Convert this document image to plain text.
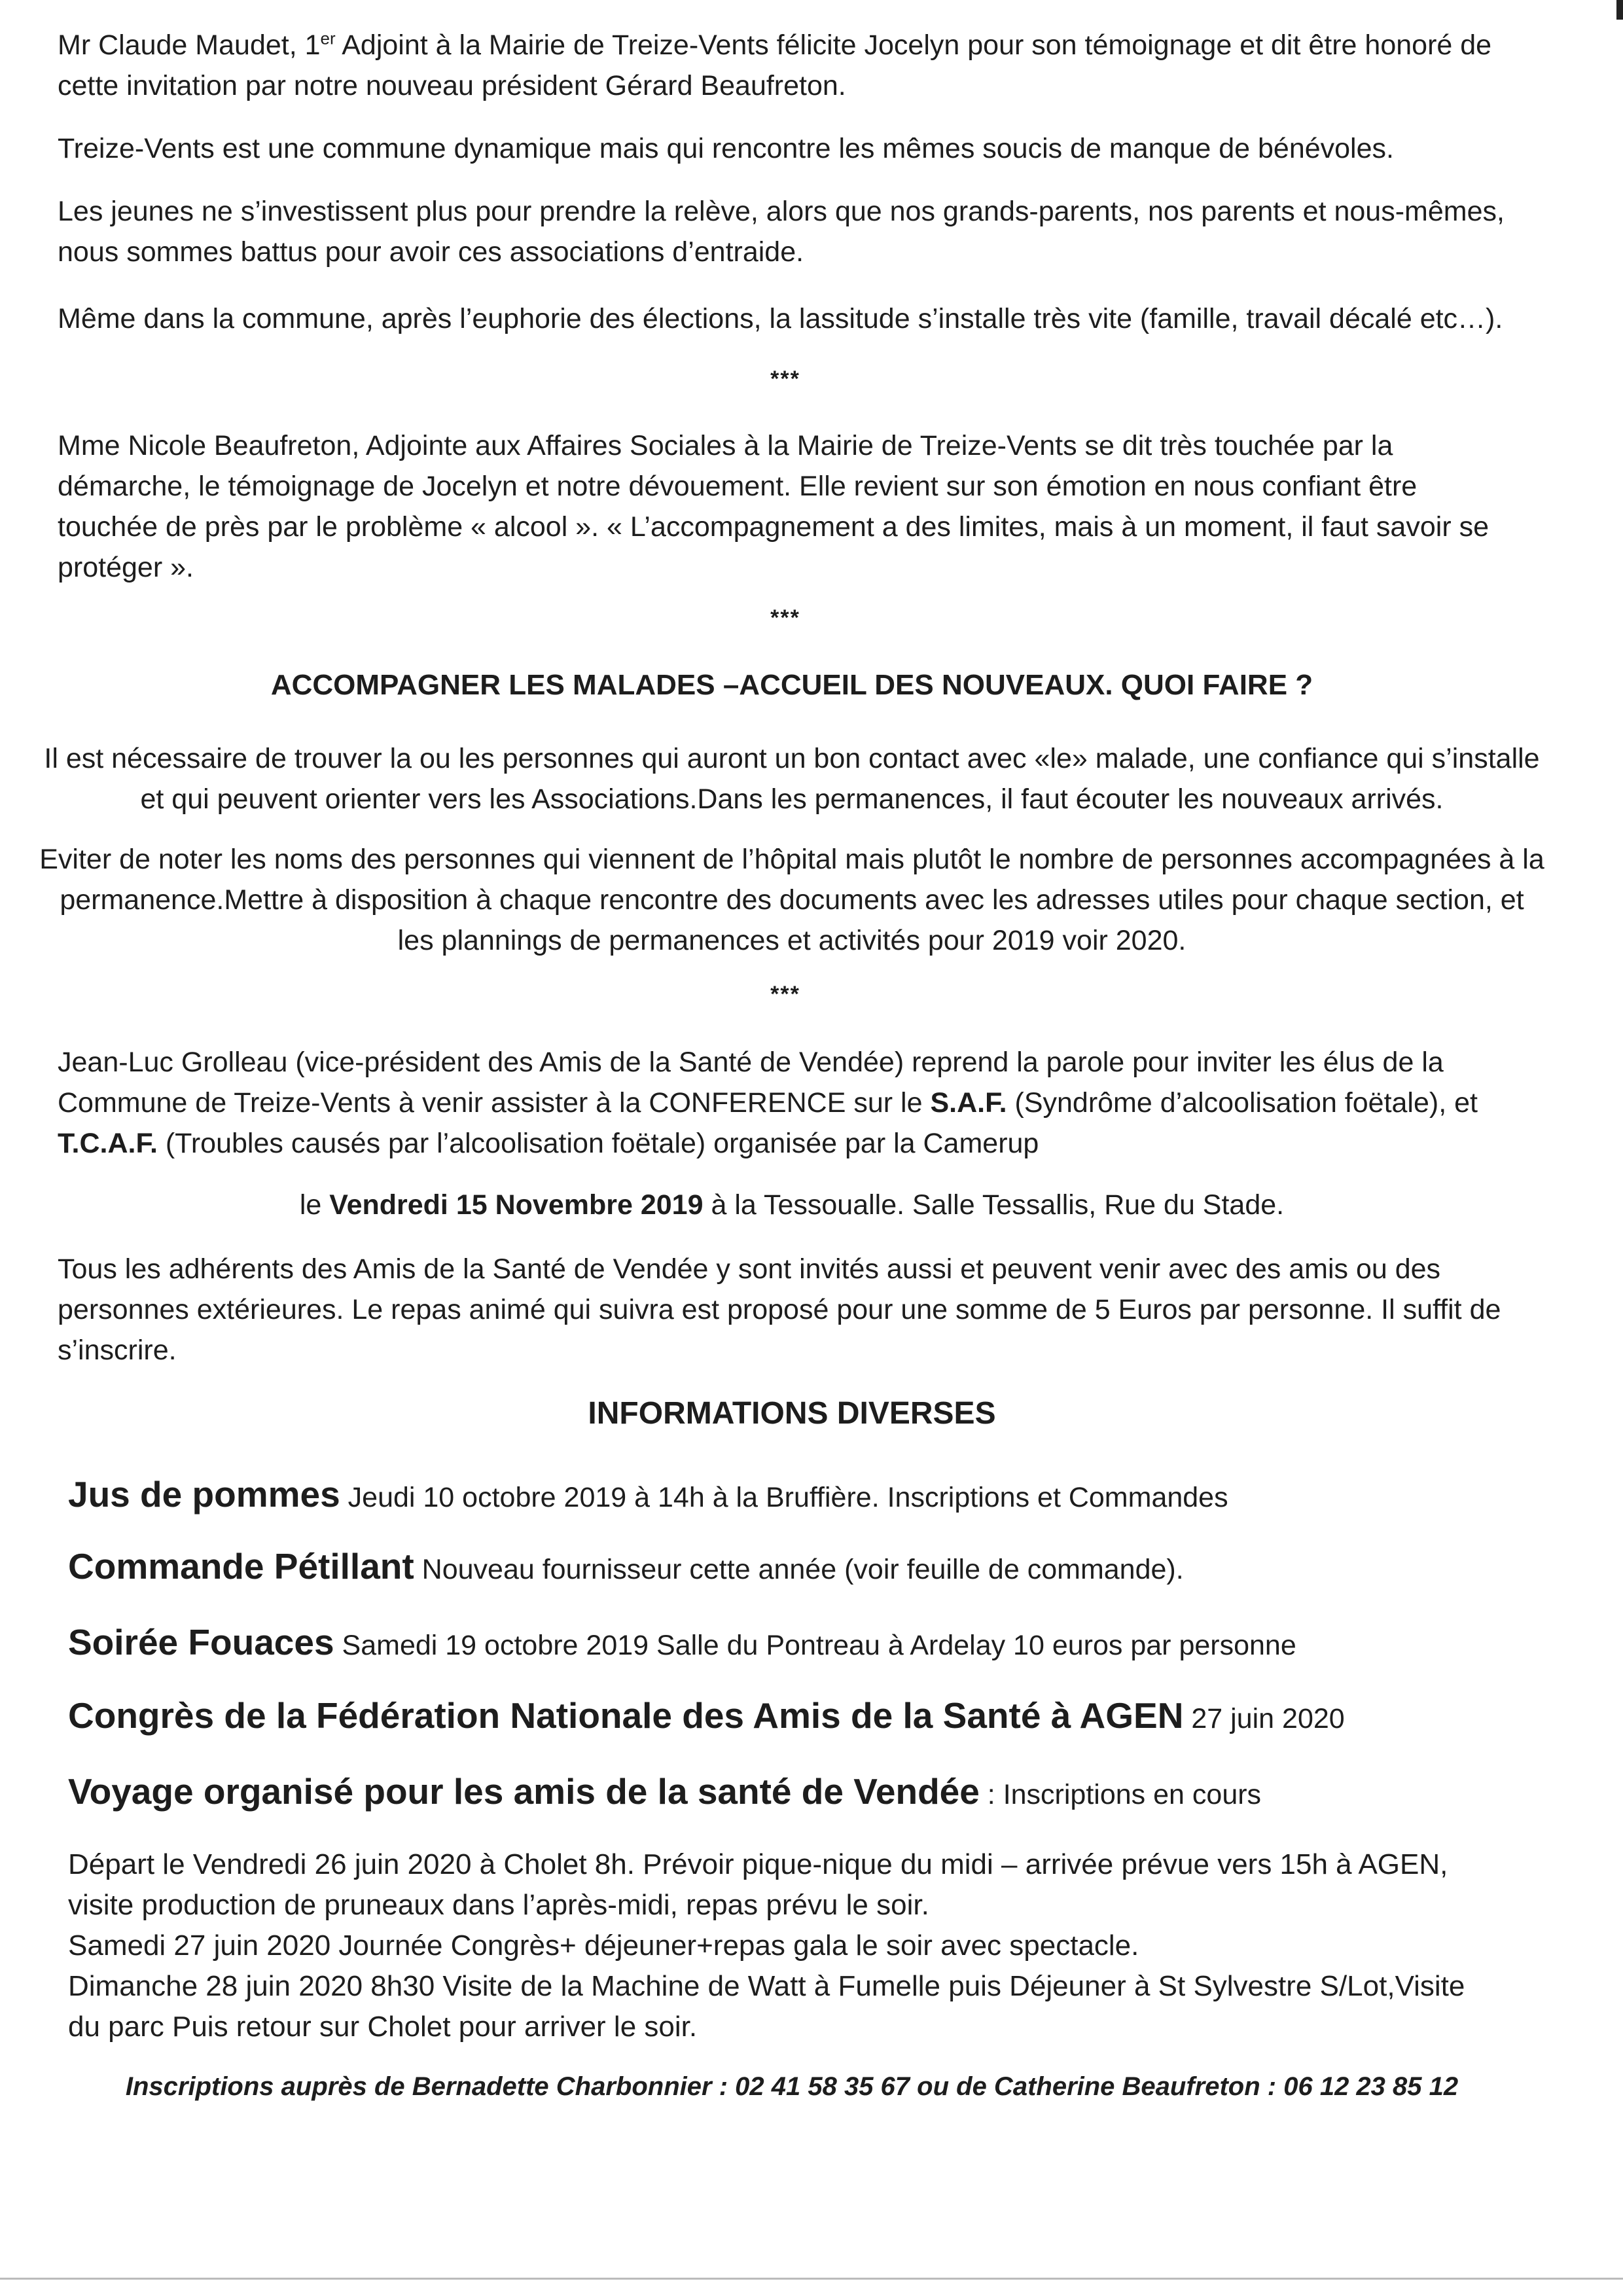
Mr Claude Maudet, 1er Adjoint à la Mairie de Treize-Vents félicite Jocelyn pour son témoignage et dit être honoré de cette invitation par notre nouveau président Gérard Beaufreton.

Treize-Vents est une commune dynamique mais qui rencontre les mêmes soucis de manque de bénévoles.

Les jeunes ne s’investissent plus pour prendre la relève, alors que nos grands-parents, nos parents et nous-mêmes, nous sommes battus pour avoir ces associations d’entraide.

Même dans la commune, après l’euphorie des élections, la lassitude s’installe très vite (famille, travail décalé etc…).

***

Mme Nicole Beaufreton, Adjointe aux Affaires Sociales à la Mairie de Treize-Vents se dit très touchée par la démarche, le témoignage de Jocelyn et notre dévouement. Elle revient sur son émotion en nous confiant être touchée de près par le problème « alcool ». « L’accompagnement a des limites, mais à un moment, il faut savoir se protéger ».

***
ACCOMPAGNER LES MALADES –ACCUEIL DES NOUVEAUX. QUOI FAIRE ?

Il est nécessaire de trouver la ou les personnes qui auront un bon contact avec «le» malade, une confiance qui s’installe et qui peuvent orienter vers les Associations.Dans les permanences, il faut écouter les nouveaux arrivés.

Eviter de noter les noms des personnes qui viennent de l’hôpital mais plutôt le nombre de personnes accompagnées à la permanence.Mettre à disposition à chaque rencontre des documents avec les adresses utiles pour chaque section, et les plannings de permanences et activités pour 2019 voir 2020.

***

Jean-Luc Grolleau (vice-président des Amis de la Santé de Vendée) reprend la parole pour inviter les élus de la Commune de Treize-Vents à venir assister à la CONFERENCE sur le S.A.F. (Syndrôme d’alcoolisation foëtale), et T.C.A.F. (Troubles causés par l’alcoolisation foëtale) organisée par la Camerup

le Vendredi 15 Novembre 2019 à la Tessoualle. Salle Tessallis, Rue du Stade.

Tous les adhérents des Amis de la Santé de Vendée y sont invités aussi et peuvent venir avec des amis ou des personnes extérieures. Le repas animé qui suivra est proposé pour une somme de 5 Euros par personne. Il suffit de s’inscrire.

INFORMATIONS DIVERSES
Jus de pommes Jeudi 10 octobre 2019 à 14h à la Bruffière. Inscriptions et Commandes
Commande Pétillant Nouveau fournisseur cette année (voir feuille de commande).
Soirée Fouaces Samedi 19 octobre 2019 Salle du Pontreau à Ardelay 10 euros par personne
Congrès de la Fédération Nationale des Amis de la Santé à AGEN 27 juin 2020
Voyage organisé pour les amis de la santé de Vendée : Inscriptions en cours

Départ le Vendredi 26 juin 2020 à Cholet 8h. Prévoir pique-nique du midi – arrivée prévue vers 15h à AGEN, visite production de pruneaux dans l’après-midi, repas prévu le soir.

Samedi 27 juin 2020 Journée Congrès+ déjeuner+repas gala le soir avec spectacle.

Dimanche 28 juin 2020 8h30 Visite de la Machine de Watt à Fumelle puis Déjeuner à St Sylvestre S/Lot,Visite du parc Puis retour sur Cholet pour arriver le soir.

Inscriptions auprès de Bernadette Charbonnier : 02 41 58 35 67 ou de Catherine Beaufreton : 06 12 23 85 12
